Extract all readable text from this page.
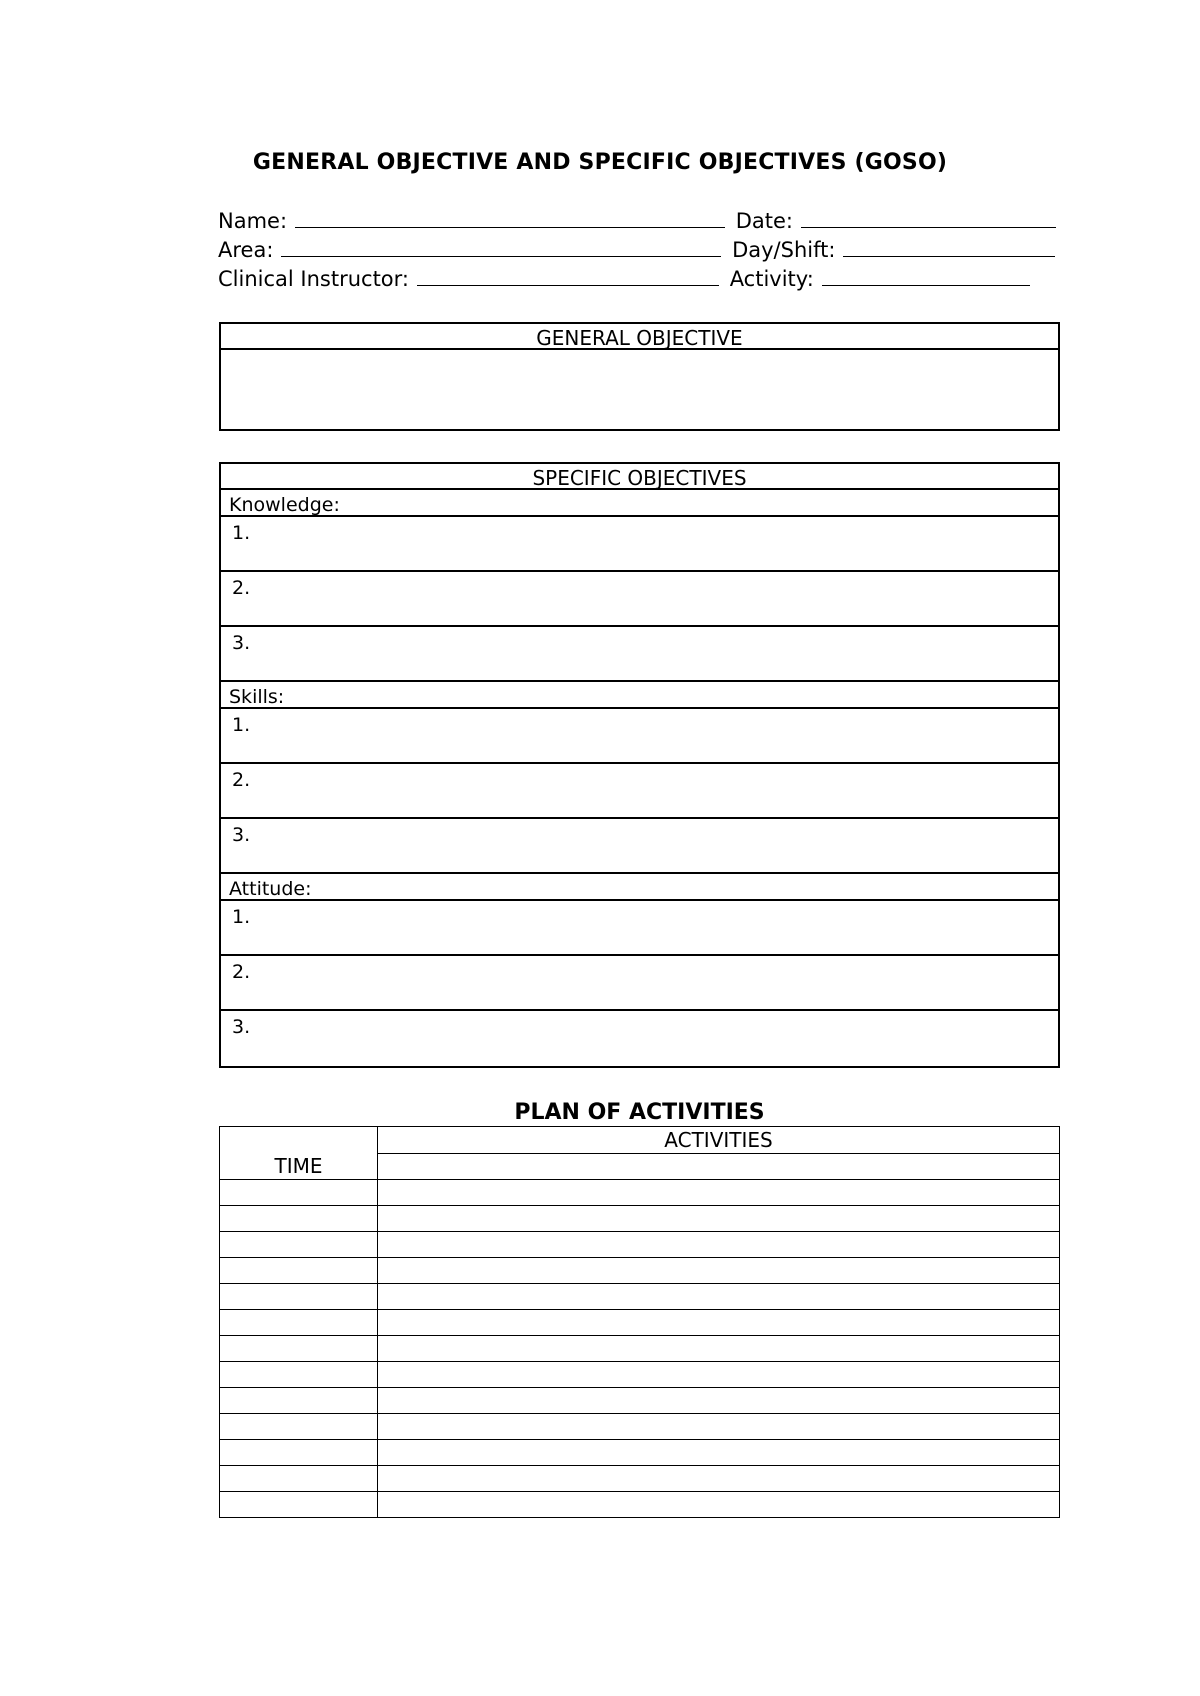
GENERAL OBJECTIVE AND SPECIFIC OBJECTIVES (GOSO)
Name:	Date:
Area:	Day/Shift:
Clinical Instructor:	Activity:
GENERAL OBJECTIVE
SPECIFIC OBJECTIVES
Knowledge:
1.
2.
3.
Skills:
1.
2.
3.
Attitude:
1.
2.
3.
PLAN OF ACTIVITIES
TIME	ACTIVITIES
